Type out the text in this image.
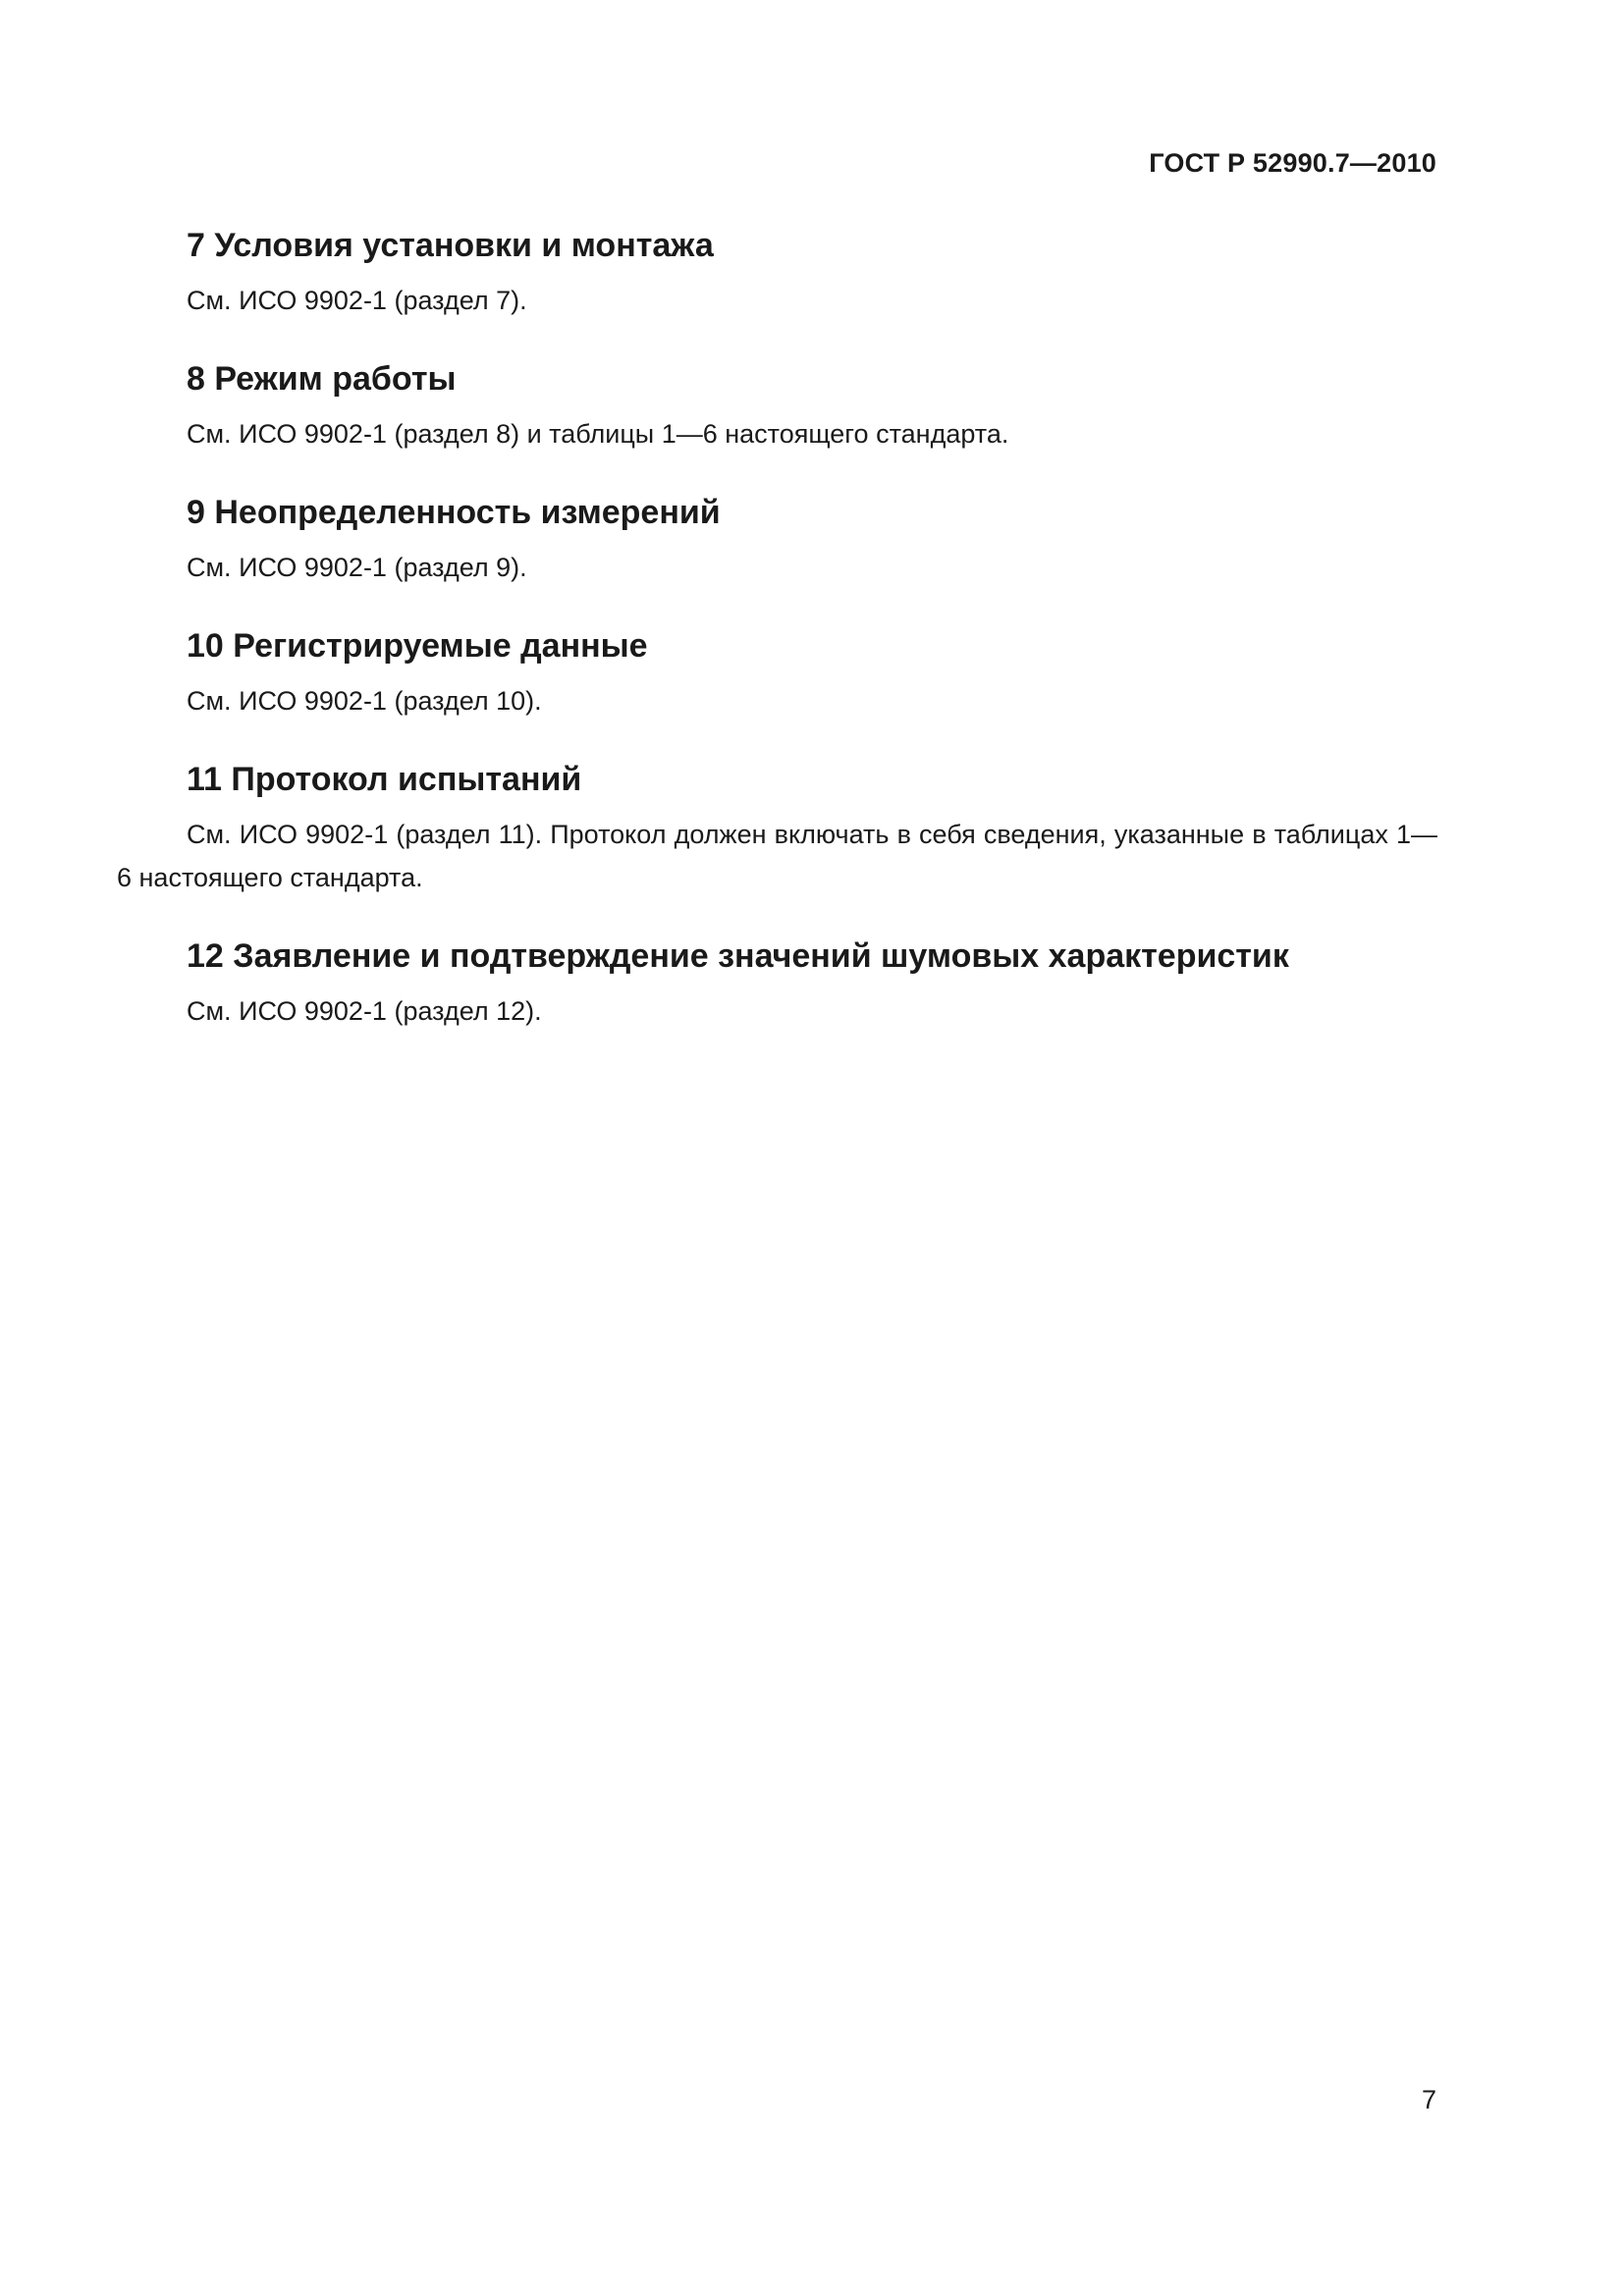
ГОСТ Р 52990.7—2010
7 Условия установки и монтажа

См. ИСО 9902-1 (раздел 7).

8 Режим работы

См. ИСО 9902-1 (раздел 8) и таблицы 1—6 настоящего стандарта.

9 Неопределенность измерений

См. ИСО 9902-1 (раздел 9).

10 Регистрируемые данные

См. ИСО 9902-1 (раздел 10).

11 Протокол испытаний

См. ИСО 9902-1 (раздел 11). Протокол должен включать в себя сведения, указанные в таблицах 1—6 настоящего стандарта.

12 Заявление и подтверждение значений шумовых характеристик

См. ИСО 9902-1 (раздел 12).

7
